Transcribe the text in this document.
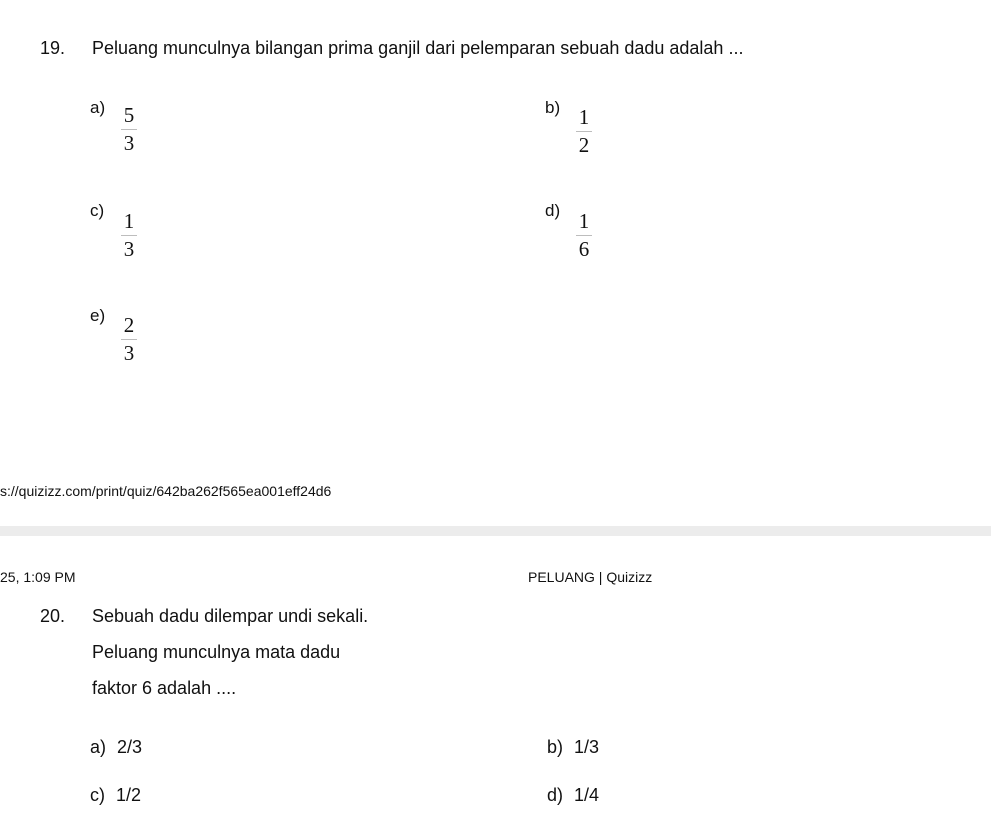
19. Peluang munculnya bilangan prima ganjil dari pelemparan sebuah dadu adalah ...
a) 5
3
b) 1
2
c) 1
3
d) 1
6
e) 2
3
s://quizizz.com/print/quiz/642ba262f565ea001eff24d6
25, 1:09 PM	PELUANG | Quizizz
20. Sebuah dadu dilempar undi sekali.
Peluang munculnya mata dadu
faktor 6 adalah ....
a) 2/3	b) 1/3
c) 1/2	d) 1/4
